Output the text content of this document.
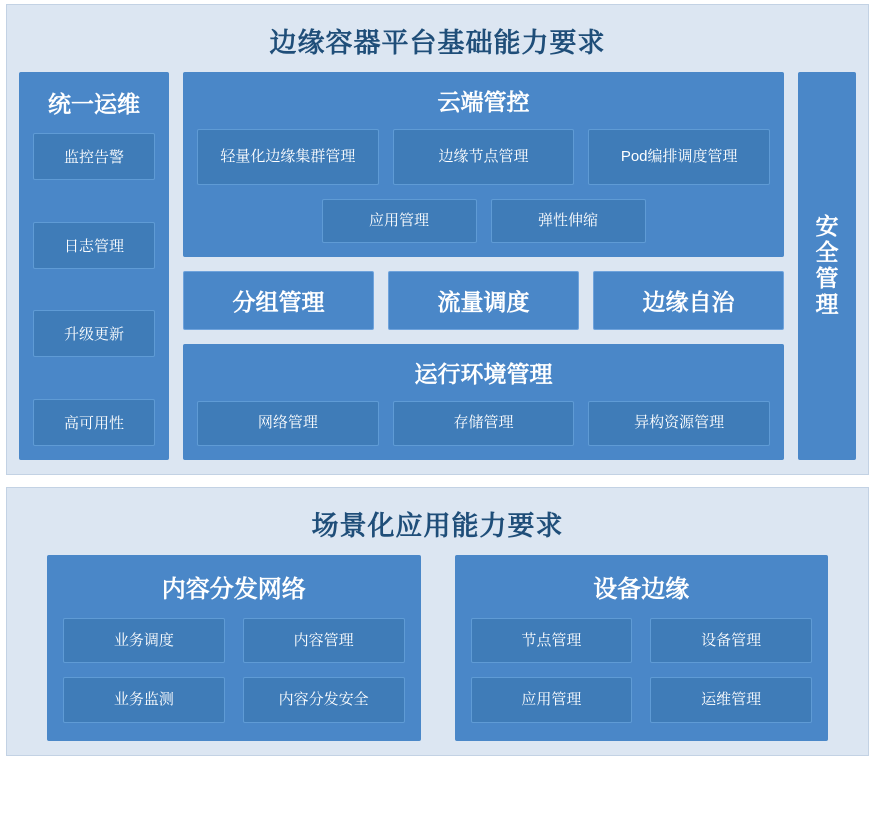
边缘容器平台基础能力要求
统一运维
监控告警
日志管理
升级更新
高可用性
云端管控
轻量化边缘集群管理	边缘节点管理	Pod编排调度管理
应用管理	弹性伸缩
分组管理	流量调度	边缘自治
运行环境管理
网络管理	存储管理	异构资源管理
安全管理
场景化应用能力要求
内容分发网络
业务调度	内容管理
业务监测	内容分发安全
设备边缘
节点管理	设备管理
应用管理	运维管理
